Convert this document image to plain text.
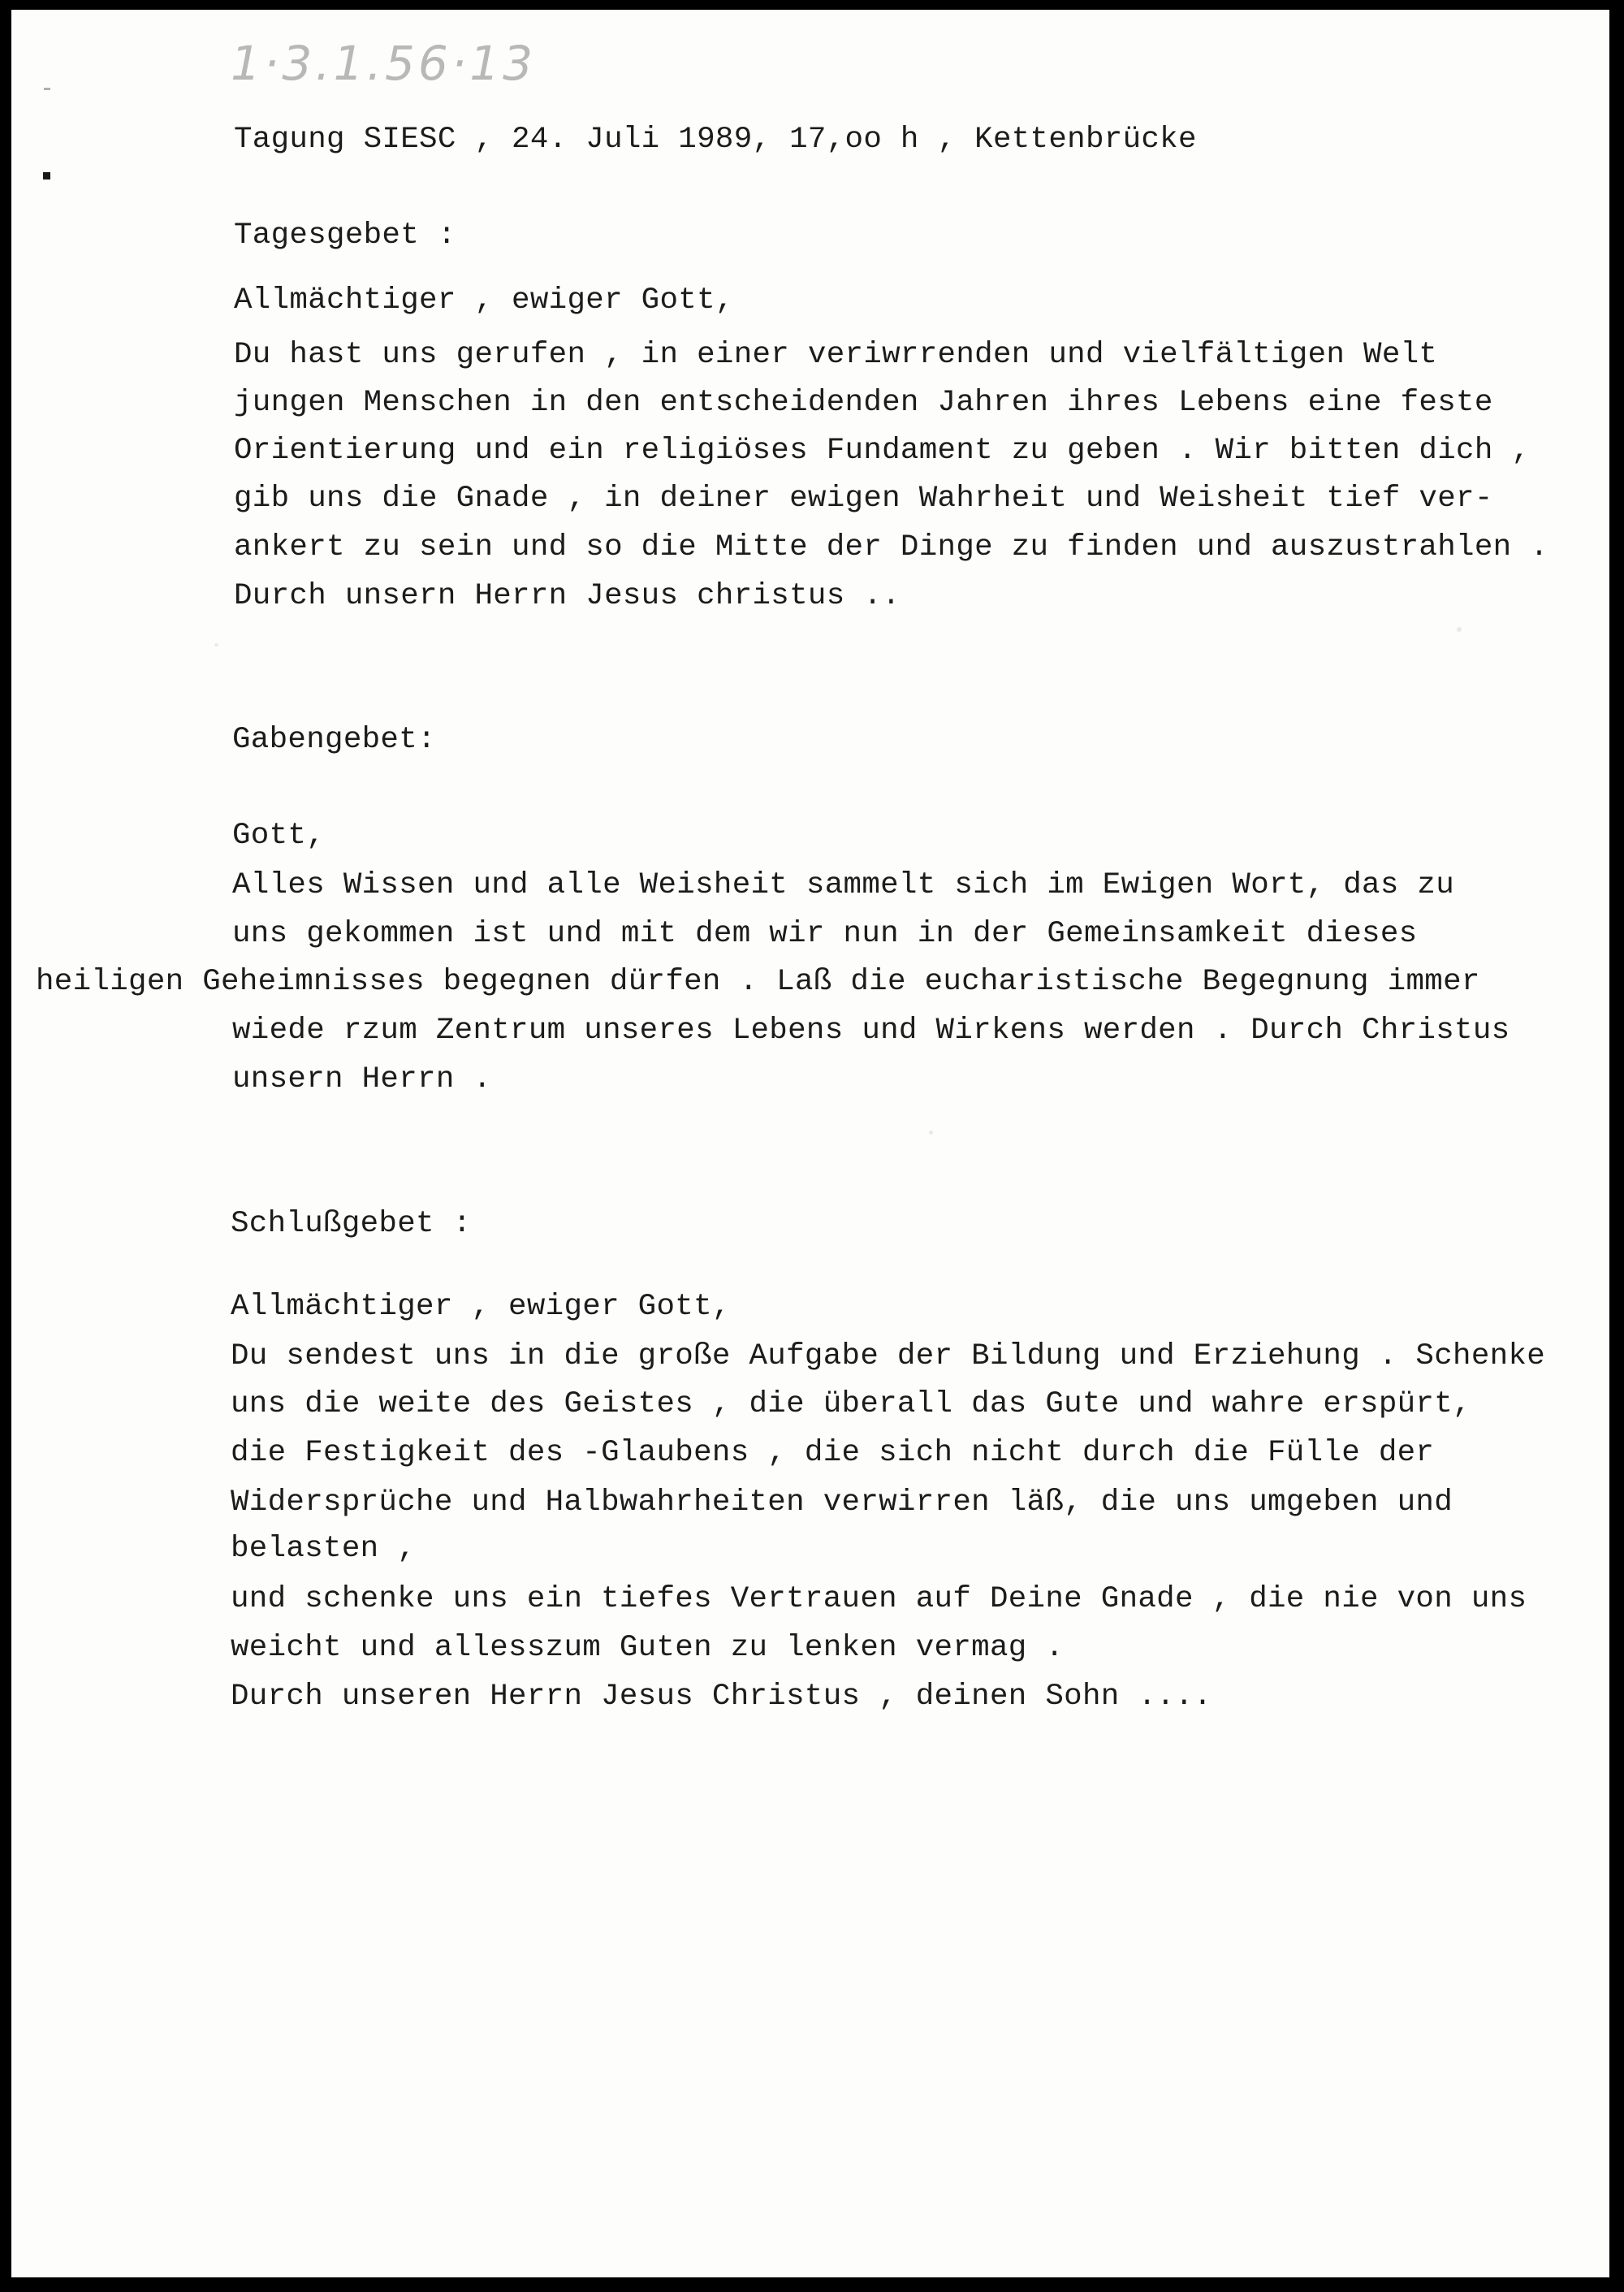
1·3.1.56·13
Tagung SIESC , 24. Juli 1989, 17,oo h , Kettenbrücke
Tagesgebet :
Allmächtiger , ewiger Gott,
Du hast uns gerufen , in einer veriwrrenden und vielfältigen Welt
jungen Menschen in den entscheidenden Jahren ihres Lebens eine feste
Orientierung und ein religiöses Fundament zu geben . Wir bitten dich ,
gib uns die Gnade , in deiner ewigen Wahrheit und Weisheit tief ver-
ankert zu sein und so die Mitte der Dinge zu finden und auszustrahlen .
Durch unsern Herrn Jesus christus ..
Gabengebet:
Gott,
Alles Wissen und alle Weisheit sammelt sich im Ewigen Wort, das zu
uns gekommen ist und mit dem wir nun in der Gemeinsamkeit dieses
heiligen Geheimnisses begegnen dürfen . Laß die eucharistische Begegnung immer
wiede rzum Zentrum unseres Lebens und Wirkens werden . Durch Christus
unsern Herrn .
Schlußgebet :
Allmächtiger , ewiger Gott,
Du sendest uns in die große Aufgabe der Bildung und Erziehung . Schenke
uns die weite des Geistes , die überall das Gute und wahre erspürt,
die Festigkeit des -Glaubens , die sich nicht durch die Fülle der
Widersprüche und Halbwahrheiten verwirren läß, die uns umgeben und
belasten ,
und schenke uns ein tiefes Vertrauen auf Deine Gnade , die nie von uns
weicht und allesszum Guten zu lenken vermag .
Durch unseren Herrn Jesus Christus , deinen Sohn ....
